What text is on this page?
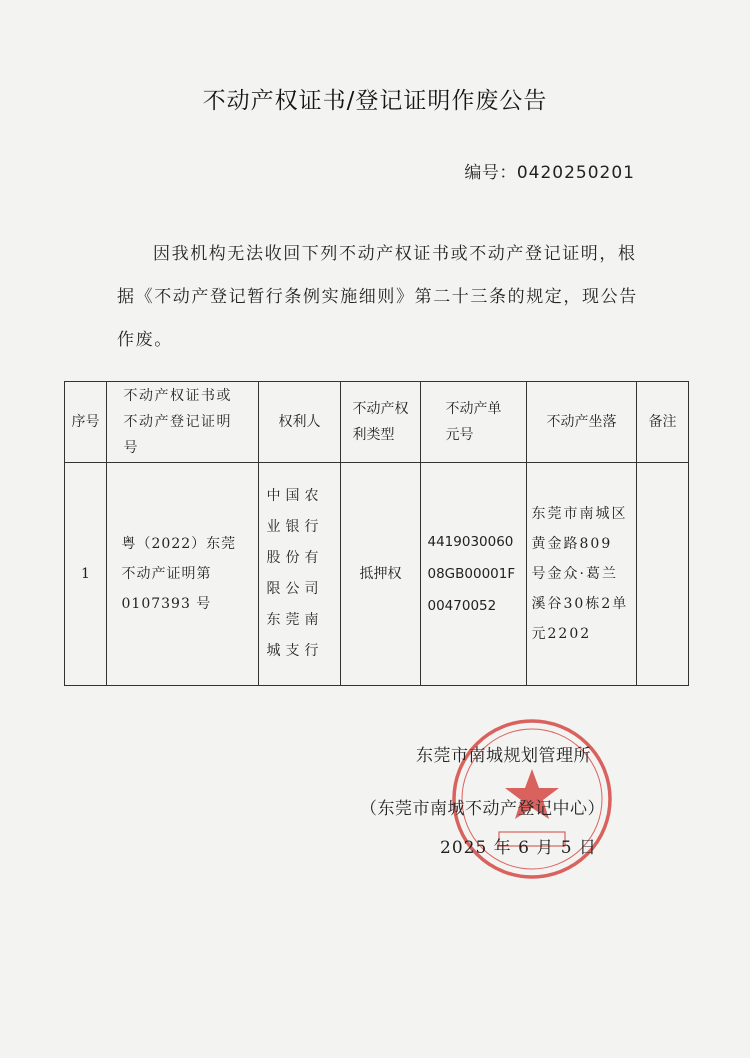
不动产权证书/登记证明作废公告
编号：0420250201
因我机构无法收回下列不动产权证书或不动产登记证明，根据《不动产登记暂行条例实施细则》第二十三条的规定，现公告作废。
序号	不动产权证书或不动产登记证明号	权利人	不动产权利类型	不动产单元号	不动产坐落	备注
1	粤（2022）东莞不动产证明第0107393 号	中国农业银行股份有限公司东莞南城支行	抵押权	441903006008GB00001F00470052	东莞市南城区黄金路809 号金众·葛兰溪谷30栋2单元2202	
东莞市南城规划管理所
（东莞市南城不动产登记中心）
2025 年 6 月 5 日
